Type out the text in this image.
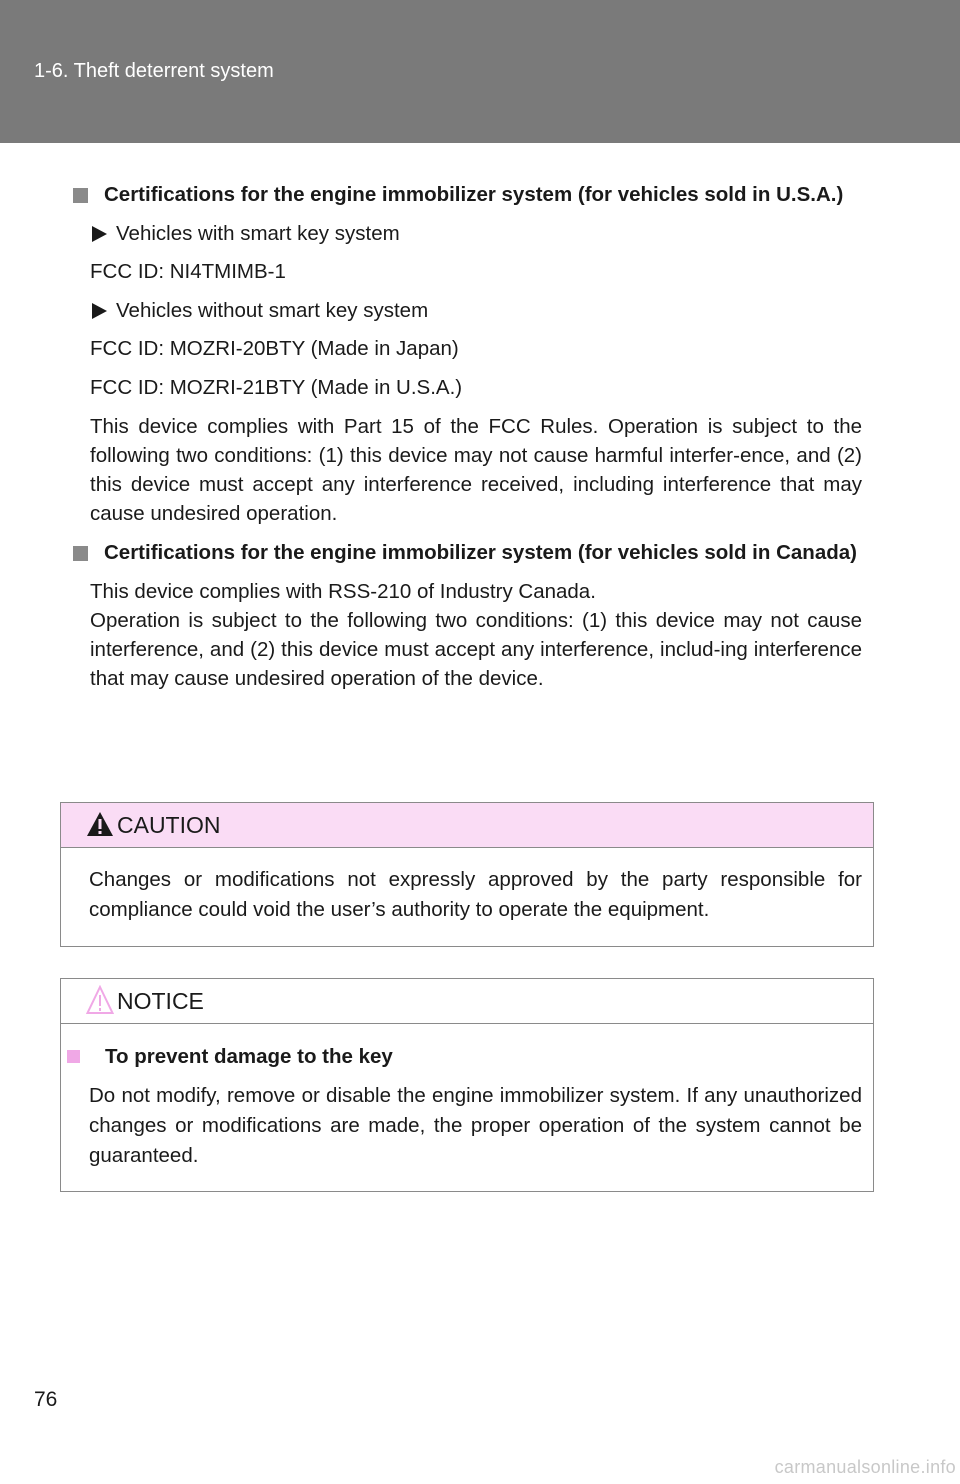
1-6. Theft deterrent system
Certifications for the engine immobilizer system (for vehicles sold in U.S.A.)
Vehicles with smart key system
FCC ID: NI4TMIMB-1
Vehicles without smart key system
FCC ID: MOZRI-20BTY (Made in Japan)
FCC ID: MOZRI-21BTY (Made in U.S.A.)
This device complies with Part 15 of the FCC Rules. Operation is subject to the following two conditions: (1) this device may not cause harmful interfer-ence, and (2) this device must accept any interference received, including interference that may cause undesired operation.
Certifications for the engine immobilizer system (for vehicles sold in Canada)
This device complies with RSS-210 of Industry Canada.
Operation is subject to the following two conditions: (1) this device may not cause interference, and (2) this device must accept any interference, includ-ing interference that may cause undesired operation of the device.
CAUTION
Changes or modifications not expressly approved by the party responsible for compliance could void the user’s authority to operate the equipment.
NOTICE
To prevent damage to the key
Do not modify, remove or disable the engine immobilizer system. If any unauthorized changes or modifications are made, the proper operation of the system cannot be guaranteed.
76
carmanualsonline.info
